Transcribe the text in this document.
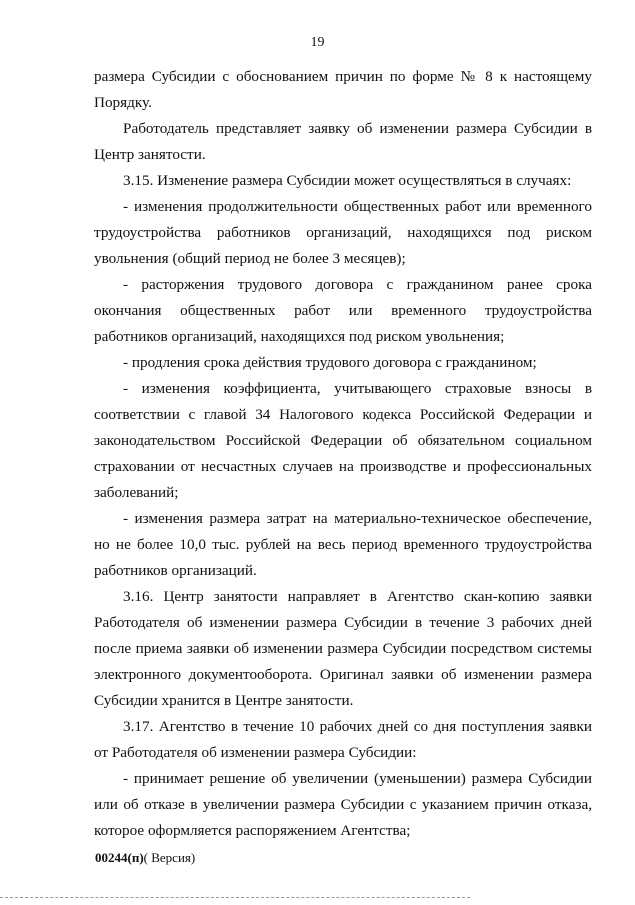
19

размера Субсидии с обоснованием причин по форме № 8 к настоящему Порядку.

Работодатель представляет заявку об изменении размера Субсидии в Центр занятости.

3.15. Изменение размера Субсидии может осуществляться в случаях:

- изменения продолжительности общественных работ или временного трудоустройства работников организаций, находящихся под риском увольнения (общий период не более 3 месяцев);

- расторжения трудового договора с гражданином ранее срока окончания общественных работ или временного трудоустройства работников организаций, находящихся под риском увольнения;

- продления срока действия трудового договора с гражданином;

- изменения коэффициента, учитывающего страховые взносы в соответствии с главой 34 Налогового кодекса Российской Федерации и законодательством Российской Федерации об обязательном социальном страховании от несчастных случаев на производстве и профессиональных заболеваний;

- изменения размера затрат на материально-техническое обеспечение, но не более 10,0 тыс. рублей на весь период временного трудоустройства работников организаций.

3.16. Центр занятости направляет в Агентство скан-копию заявки Работодателя об изменении размера Субсидии в течение 3 рабочих дней после приема заявки об изменении размера Субсидии посредством системы электронного документооборота. Оригинал заявки об изменении размера Субсидии хранится в Центре занятости.

3.17. Агентство в течение 10 рабочих дней со дня поступления заявки от Работодателя об изменении размера Субсидии:

- принимает решение об увеличении (уменьшении) размера Субсидии или об отказе в увеличении размера Субсидии с указанием причин отказа, которое оформляется распоряжением Агентства;

00244(п)( Версия)
